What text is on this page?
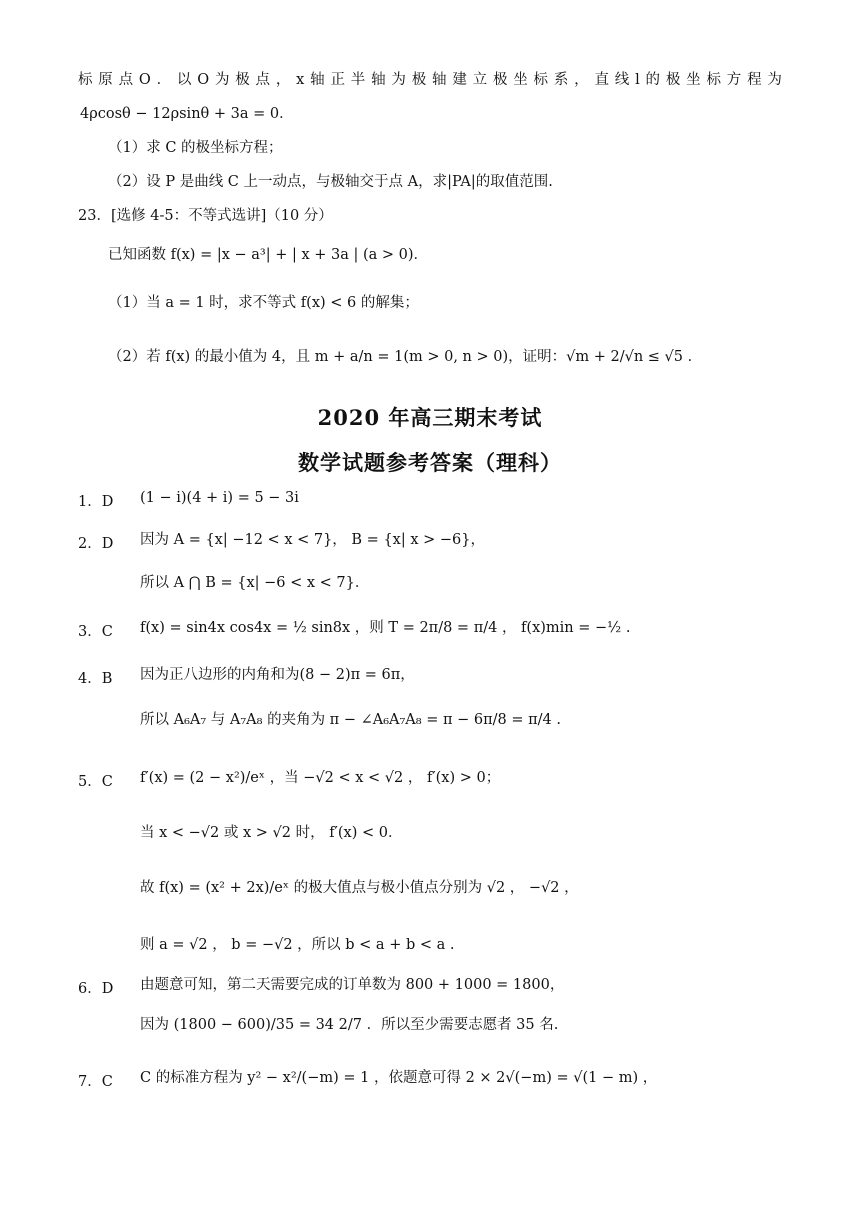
标 原 点 O ． 以 O 为 极 点 ， x 轴 正 半 轴 为 极 轴 建 立 极 坐 标 系 ， 直 线 l 的 极 坐 标 方 程 为
4ρcosθ − 12ρsinθ + 3a = 0．
（1）求 C 的极坐标方程；
（2）设 P 是曲线 C 上一动点，与极轴交于点 A，求|PA|的取值范围.
23．[选修 4-5：不等式选讲]（10 分）
已知函数 f(x) = |x − a³| + | x + 3a | (a > 0)．
（1）当 a = 1 时，求不等式 f(x) < 6 的解集；
（2）若 f(x) 的最小值为 4，且 m + a/n = 1(m > 0, n > 0)，证明：√m + 2/√n ≤ √5 ．
2020 年高三期末考试
数学试题参考答案（理科）
1．D (1 − i)(4 + i) = 5 − 3i
2．D 因为 A = {x| −12 < x < 7}， B = {x| x > −6}，
所以 A ⋂ B = {x| −6 < x < 7}．
3．C f(x) = sin4x cos4x = ½ sin8x ，则 T = 2π/8 = π/4 ， f(x)min = −½ .
4．B 因为正八边形的内角和为(8 − 2)π = 6π，
所以 A₆A₇ 与 A₇A₈ 的夹角为 π − ∠A₆A₇A₈ = π − 6π/8 = π/4 .
5．C f′(x) = (2 − x²)/eˣ ，当 −√2 < x < √2 ， f′(x) > 0；
当 x < −√2 或 x > √2 时， f′(x) < 0．
故 f(x) = (x² + 2x)/eˣ 的极大值点与极小值点分别为 √2 ， −√2 ，
则 a = √2 ， b = −√2 ，所以 b < a + b < a .
6．D 由题意可知，第二天需要完成的订单数为 800 + 1000 = 1800，
因为 (1800 − 600)/35 = 34 2/7 ．所以至少需要志愿者 35 名.
7．C C 的标准方程为 y² − x²/(−m) = 1 ，依题意可得 2 × 2√(−m) = √(1 − m) ，
